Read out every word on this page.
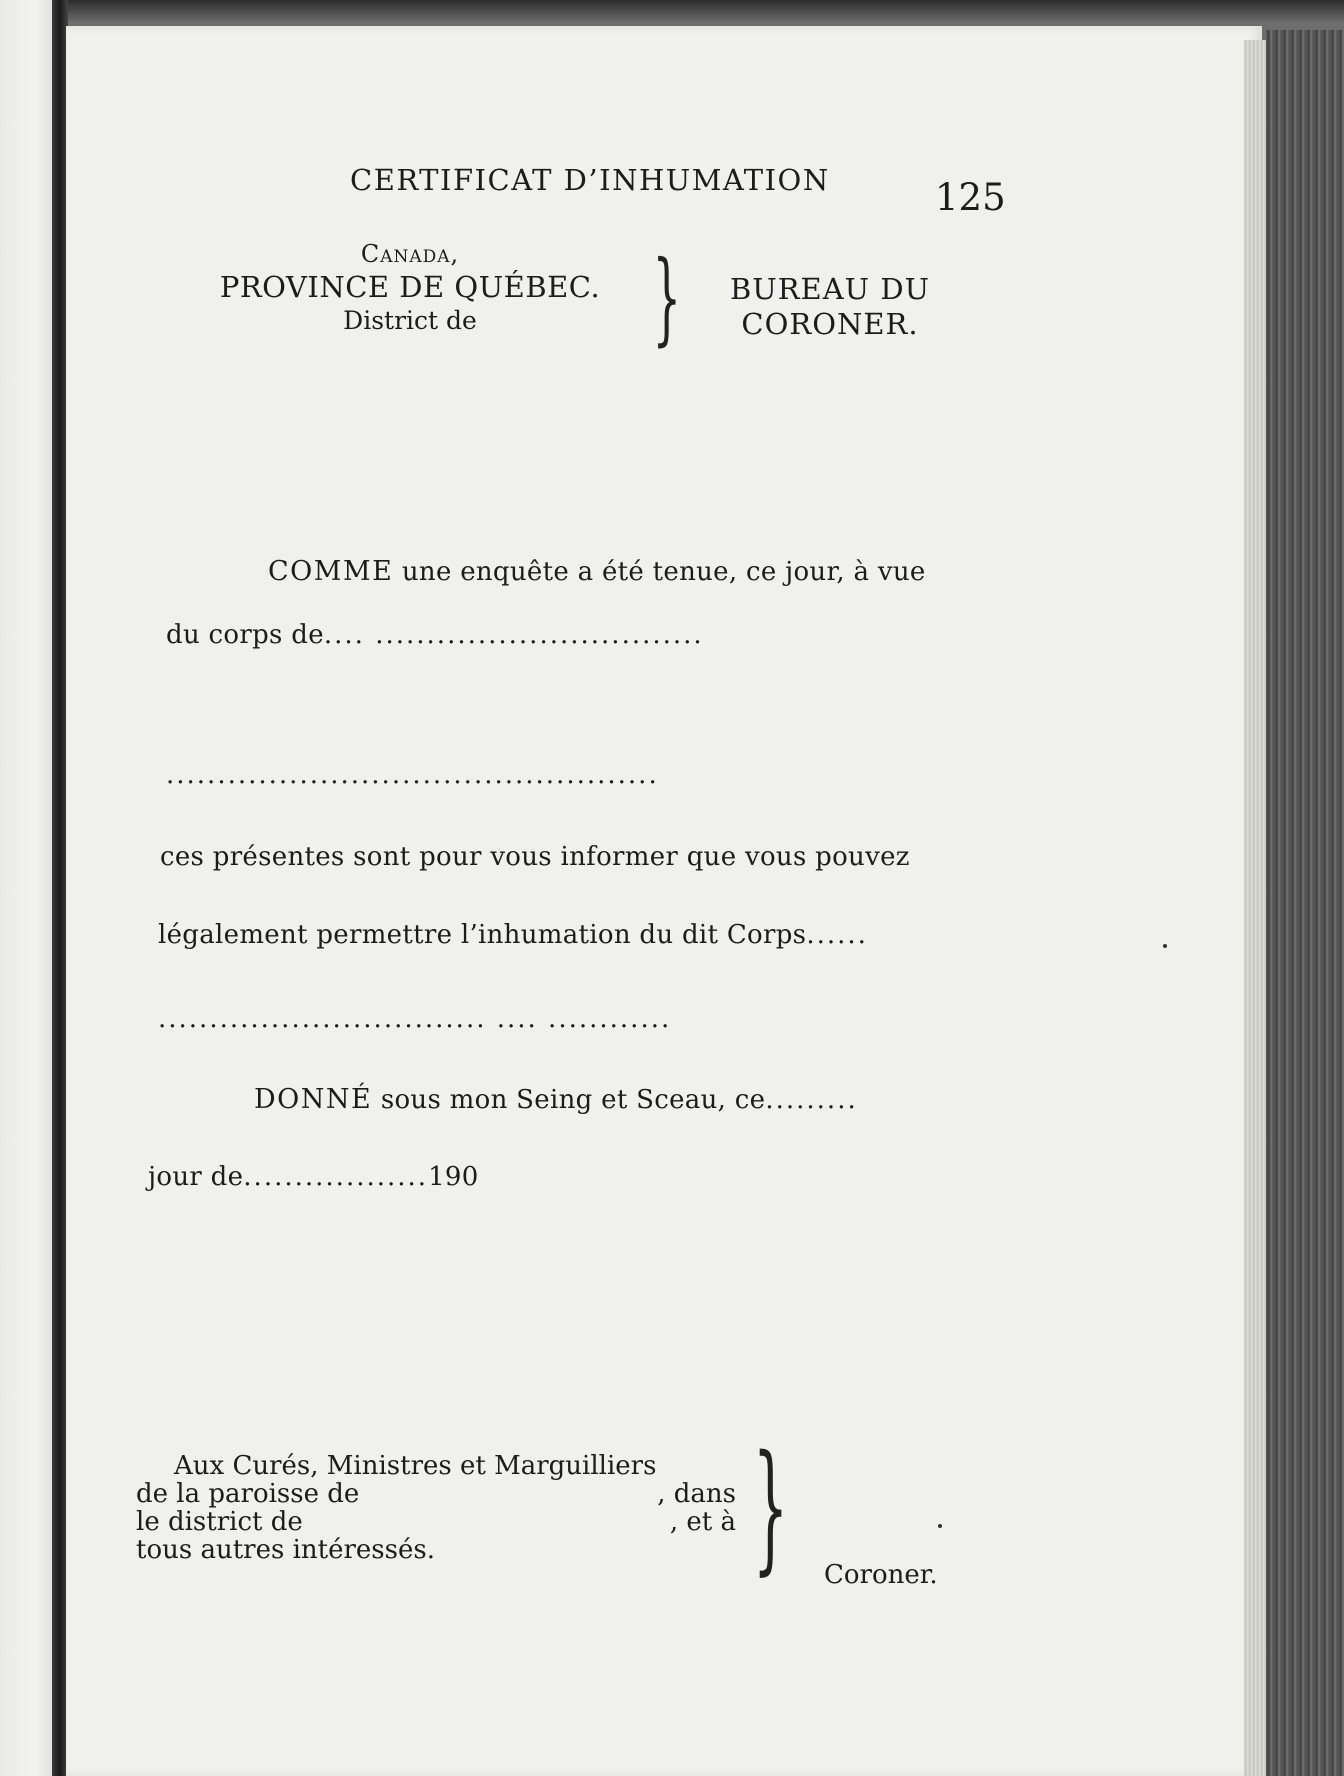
CERTIFICAT D’INHUMATION	125
Canada,
PROVINCE DE QUÉBEC.
District de	}	BUREAU DU
CORONER.
COMME une enquête a été tenue, ce jour, à vue
du corps de.... ................................
................................................
ces présentes sont pour vous informer que vous pouvez
légalement permettre l’inhumation du dit Corps......
................................ .... ............
DONNÉ sous mon Seing et Sceau, ce.........
jour de..................190
Aux Curés, Ministres et Marguilliers
de la paroisse de	, dans
le district de	, et à
tous autres intéressés.	} Coroner.
